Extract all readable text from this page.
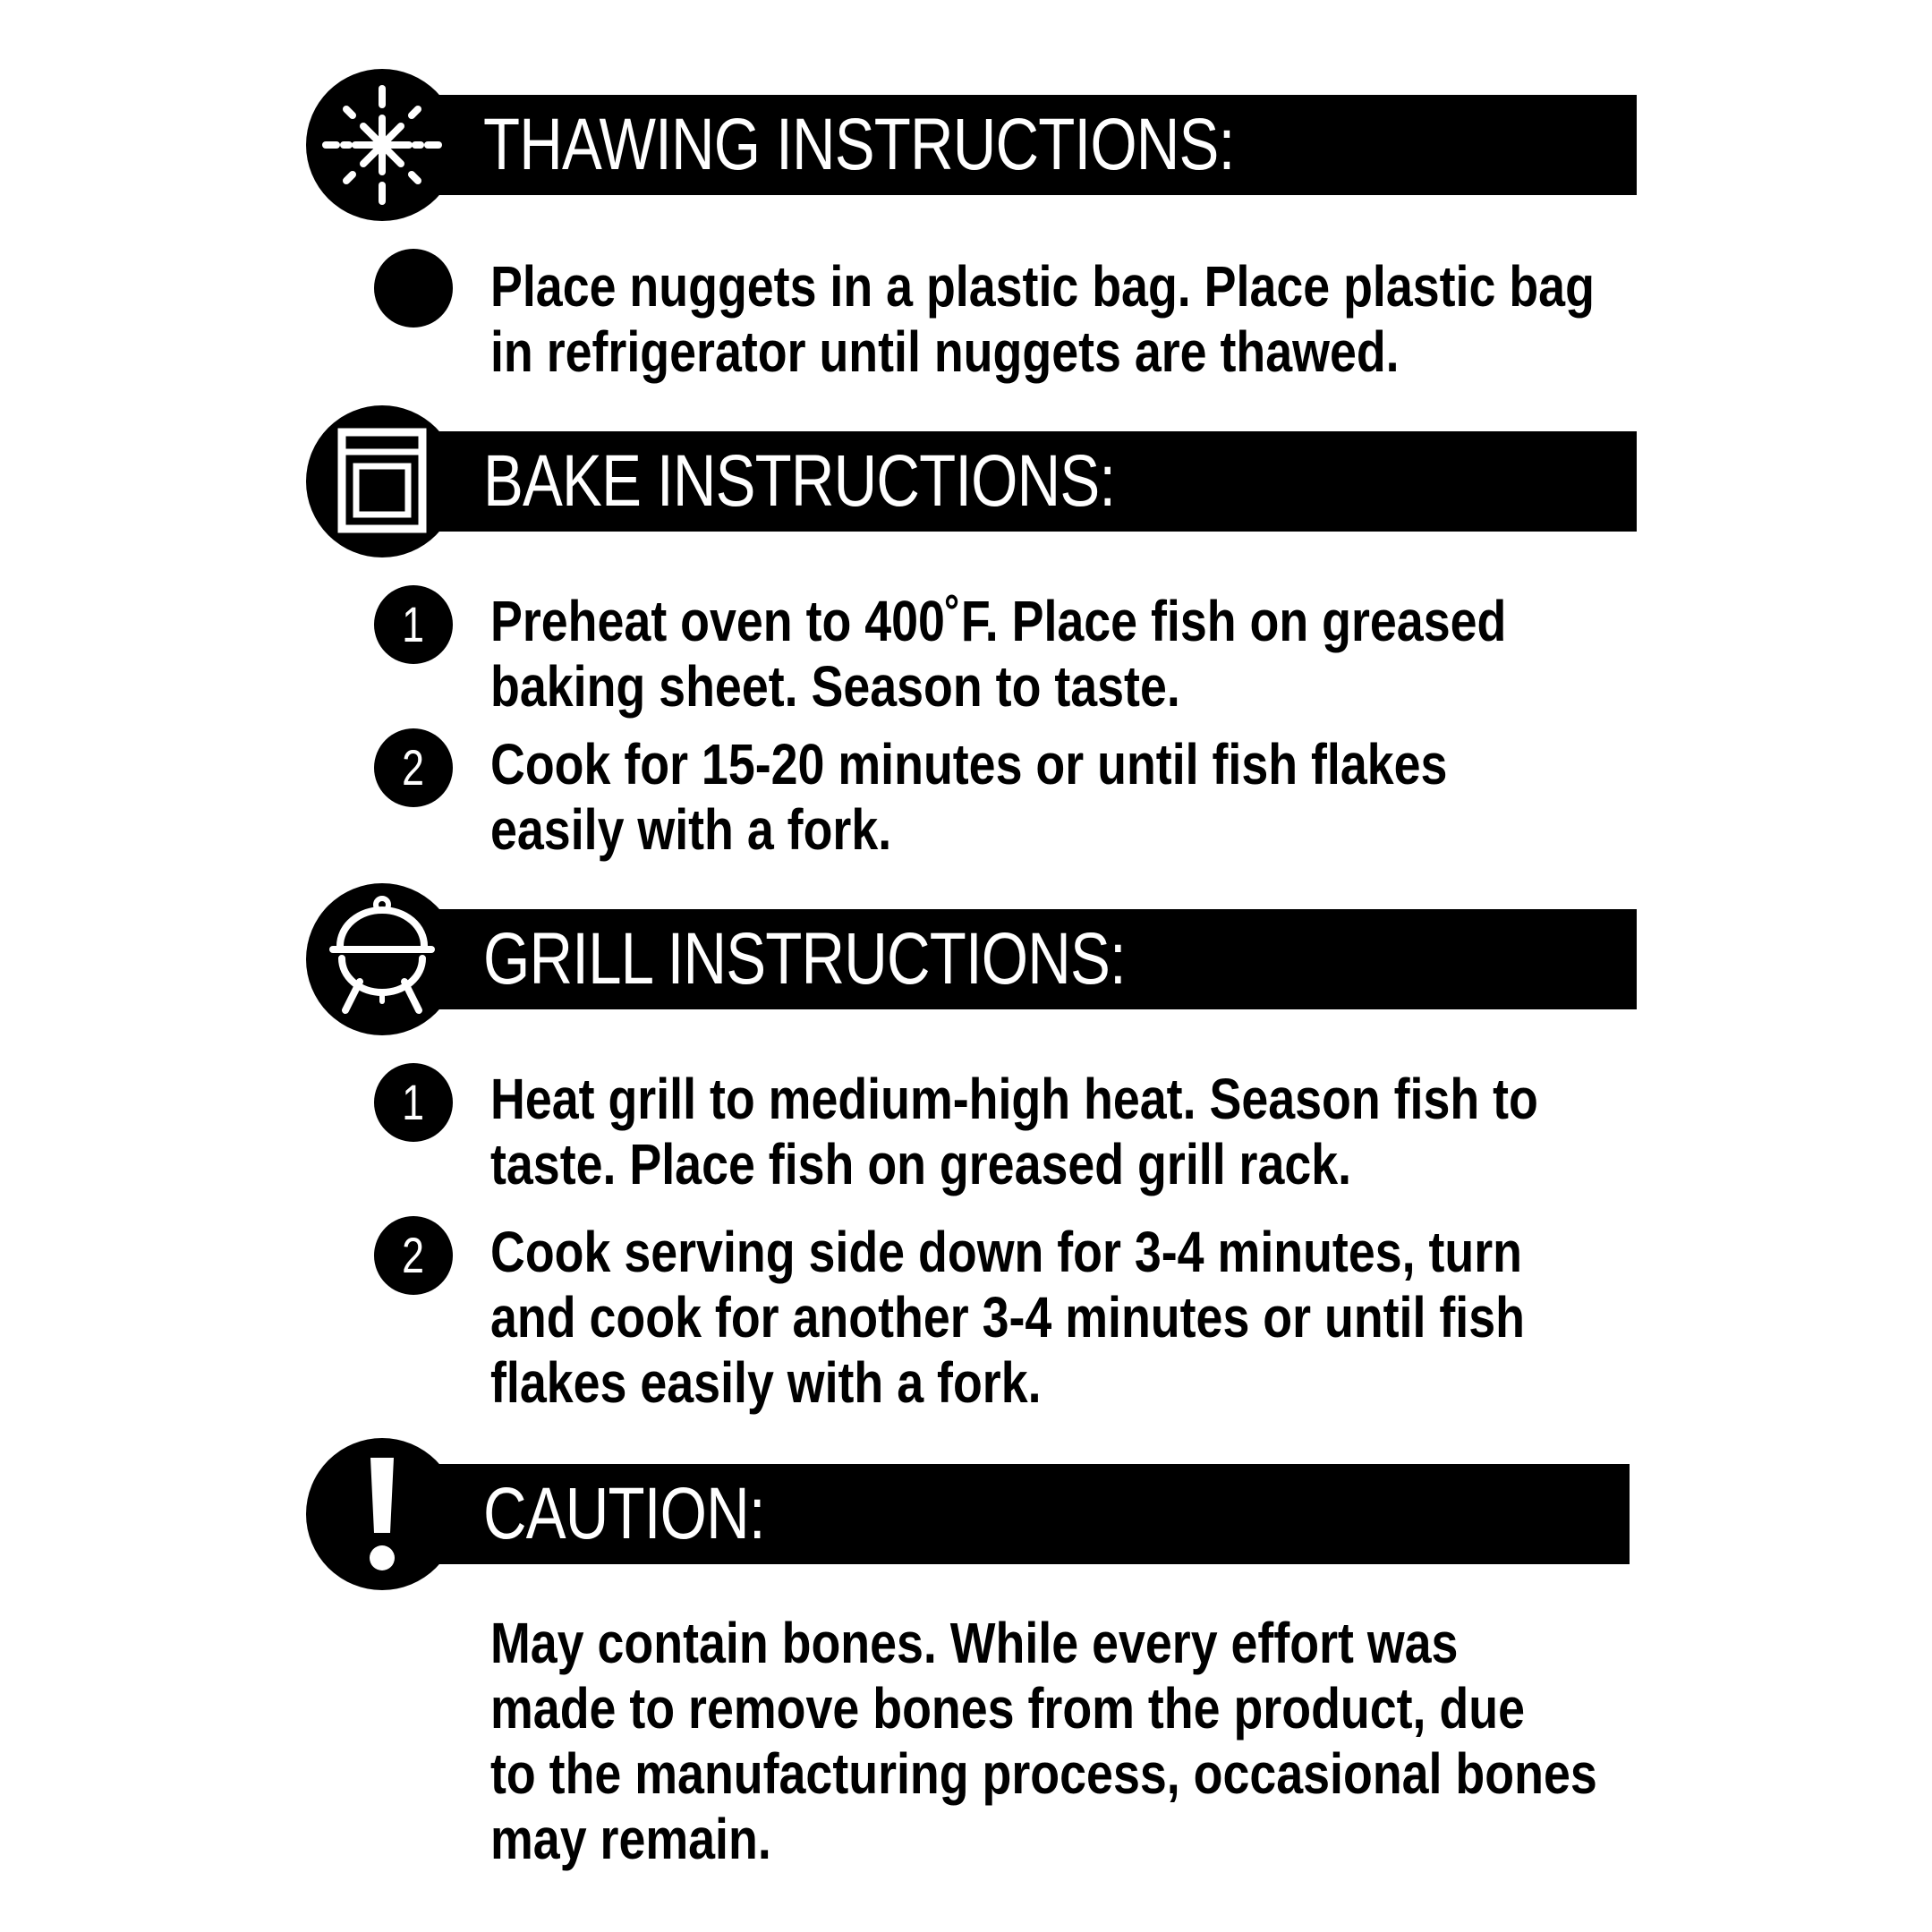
THAWING INSTRUCTIONS:
Place nuggets in a plastic bag. Place plastic bag
in refrigerator until nuggets are thawed.
BAKE INSTRUCTIONS:
1	Preheat oven to 400˚F. Place fish on greased
baking sheet. Season to taste.
2	Cook for 15-20 minutes or until fish flakes
easily with a fork.
GRILL INSTRUCTIONS:
1	Heat grill to medium-high heat. Season fish to
taste. Place fish on greased grill rack.
2	Cook serving side down for 3-4 minutes, turn
and cook for another 3-4 minutes or until fish
flakes easily with a fork.
CAUTION:
May contain bones. While every effort was
made to remove bones from the product, due
to the manufacturing process, occasional bones
may remain.
